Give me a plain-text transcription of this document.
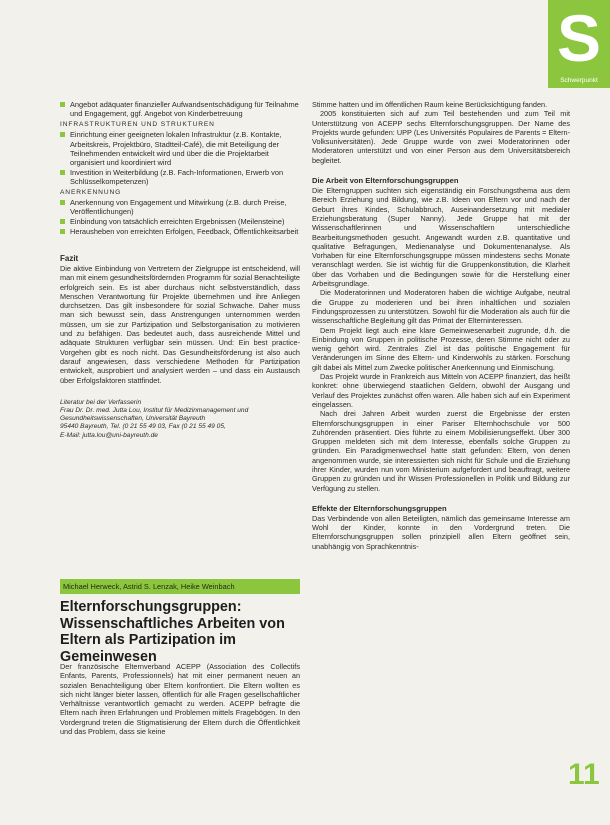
S
Schwerpunkt
Angebot adäquater finanzieller Aufwandsentschädigung für Teilnahme und Engagement, ggf. Angebot von Kinderbetreuung
INFRASTRUKTUREN UND STRUKTUREN
Einrichtung einer geeigneten lokalen Infrastruktur (z.B. Kontakte, Arbeitskreis, Projektbüro, Stadtteil-Café), die mit Beteiligung der Teilnehmenden entwickelt wird und über die die Projektarbeit organisiert und koordiniert wird
Investition in Weiterbildung (z.B. Fach-Informationen, Erwerb von Schlüsselkompetenzen)
ANERKENNUNG
Anerkennung von Engagement und Mitwirkung (z.B. durch Preise, Veröffentlichungen)
Einbindung von tatsächlich erreichten Ergebnissen (Meilensteine)
Herausheben von erreichten Erfolgen, Feedback, Öffentlichkeitsarbeit
Fazit

Die aktive Einbindung von Vertretern der Zielgruppe ist entscheidend, will man mit einem gesundheitsfördernden Programm für sozial Benachteiligte erfolgreich sein. Es ist aber durchaus nicht selbstverständlich, dass Menschen Verantwortung für Projekte übernehmen und ihre Anliegen durchsetzen. Das gilt insbesondere für sozial Schwache. Daher muss man sich bewusst sein, dass Anstrengungen unternommen werden müssen, um sie zur Partizipation und Selbstorganisation zu motivieren und zu befähigen. Das bedeutet auch, dass ausreichende Mittel und adäquate Strukturen verfügbar sein müssen. Und: Ein best practice-Vorgehen gibt es noch nicht. Das Gesundheitsförderung ist also auch darauf angewiesen, dass verschiedene Methoden für Partizipation entwickelt, ausprobiert und analysiert werden – und dass ein Austausch über Erfolgsfaktoren stattfindet.

Literatur bei der Verfasserin
Frau Dr. Dr. med. Jutta Lou, Institut für Medizinmanagement und Gesundheitswissenschaften, Universität Bayreuth
95440 Bayreuth, Tel. (0 21 55 49 03, Fax (0 21 55 49 05,
E-Mail: jutta.lou@uni-bayreuth.de
Michael Herweck, Astrid S. Lenzak, Heike Weinbach
Elternforschungsgruppen: Wissenschaftliches Arbeiten von Eltern als Partizipation im Gemeinwesen

Der französische Elternverband ACEPP (Association des Collectifs Enfants, Parents, Professionnels) hat mit einer permanent neuen an sozialen Benachteiligung über Eltern konfrontiert. Die Eltern wollten es sich nicht länger bieter lassen, öffentlich für alle Fragen gesellschaftlicher Verhältnisse verantwortlich gemacht zu werden. ACEPP befragte die Eltern nach ihren Erfahrungen und Problemen mittels Fragebögen. In den Vordergrund treten die Stigmatisierung der Eltern durch die Öffentlichkeit und das Problem, dass sie keine

Stimme hatten und im öffentlichen Raum keine Berücksichtigung fanden.

2005 konstituierten sich auf zum Teil bestehenden und zum Teil mit Unterstützung von ACEPP sechs Elternforschungsgruppen. Der Name des Projekts wurde gefunden: UPP (Les Universités Populaires de Parents = Eltern-Volksuniversitäten). Jede Gruppe wurde von zwei Moderatorinnen oder Moderatoren unterstützt und von einer Person aus dem Universitätsbereich begleitet.

Die Arbeit von Elternforschungsgruppen

Die Elterngruppen suchten sich eigenständig ein Forschungsthema aus dem Bereich Erziehung und Bildung, wie z.B. Ideen von Eltern vor und nach der Geburt ihres Kindes, Schulabbruch, Auseinandersetzung mit medialer Erziehungsberatung (Super Nanny). Jede Gruppe hat mit der Wissenschaftlerinnen und Wissenschaftlern unterschiedliche Bearbeitungsmethoden gesucht. Angewandt wurden z.B. quantitative und qualitative Befragungen, Medienanalyse und Dokumentenanalyse. Als Vorhaben für eine Elternforschungsgruppe müssen mindestens sechs Monate veranschlagt werden. Sie ist wichtig für die Gruppenkonstitution, die Klarheit über das Vorhaben und die Bedingungen sowie für die Herstellung einer Arbeitsgrundlage.

Die Moderatorinnen und Moderatoren haben die wichtige Aufgabe, neutral die Gruppe zu moderieren und bei ihren inhaltlichen und sozialen Findungsprozessen zu unterstützen. Sowohl für die Moderation als auch für die wissenschaftliche Begleitung gilt das Primat der Elterninteressen.

Dem Projekt liegt auch eine klare Gemeinwesenarbeit zugrunde, d.h. die Einbindung von Gruppen in politische Prozesse, deren Stimme nicht oder zu wenig gehört wird. Zentrales Ziel ist das politische Engagement für Veränderungen im Sinne des Eltern- und Kinderwohls zu stärken. Forschung gilt dabei als Mittel zum Zwecke politischer Anerkennung und Einmischung.

Das Projekt wurde in Frankreich aus Mitteln von ACEPP finanziert, das heißt konkret: ohne überwiegend staatlichen Geldern, obwohl der Ausgang und Verlauf des Projektes zunächst offen waren. Alle haben sich auf ein Experiment eingelassen.

Nach drei Jahren Arbeit wurden zuerst die Ergebnisse der ersten Elternforschungsgruppen in einer Pariser Elternhochschule vor 500 Zuhörenden präsentiert. Dies führte zu einem Mobilisierungseffekt. Über 300 Gruppen meldeten sich mit dem Interesse, ebenfalls solche Gruppen zu gründen. Ein Paradigmenwechsel hatte statt gefunden: Eltern, von denen angenommen wurde, sie interessierten sich nicht für Schule und die Erziehung ihrer Kinder, wurden nun vom Ministerium aufgefordert und beauftragt, weitere Gruppen zu gründen und ihr Wissen Professionellen in Politik und Bildung zur Verfügung zu stellen.

Effekte der Elternforschungsgruppen

Das Verbindende von allen Beteiligten, nämlich das gemeinsame Interesse am Wohl der Kinder, konnte in den Vordergrund treten. Die Elternforschungsgruppen sollen prinzipiell allen Eltern geöffnet sein, unabhängig von Sprachkenntnis-

11
